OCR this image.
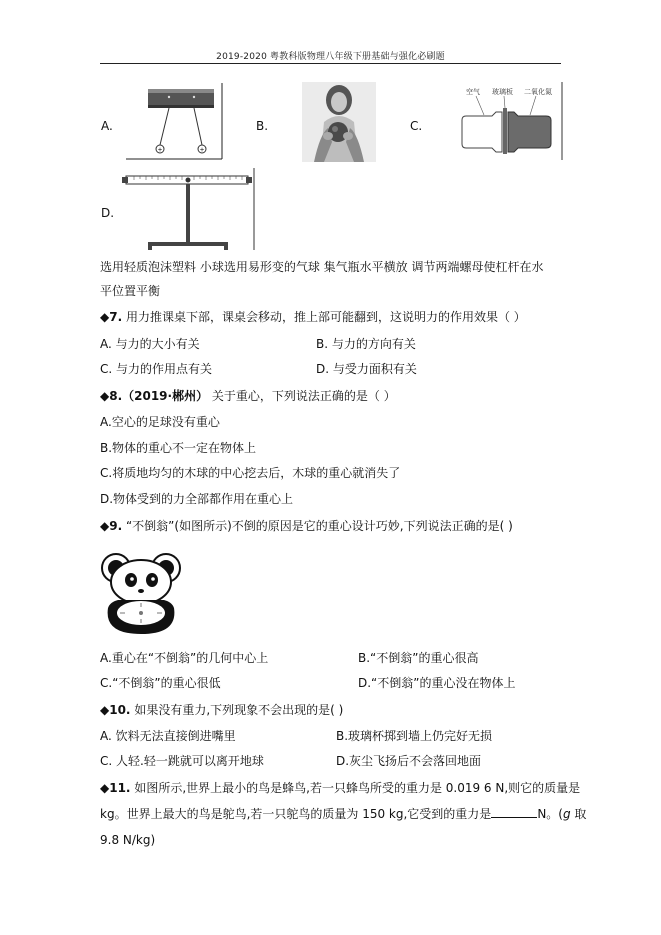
2019-2020 粤教科版物理八年级下册基础与强化必刷题
A.
+	+
B.	C.
空气 玻璃板 二氧化氮
D.
选用轻质泡沫塑料 小球选用易形变的气球 集气瓶水平横放 调节两端螺母使杠杆在水
平位置平衡
◆7. 用力推课桌下部，课桌会移动，推上部可能翻到，这说明力的作用效果（ ）
A. 与力的大小有关	B. 与力的方向有关
C. 与力的作用点有关	D. 与受力面积有关
◆8.（2019·郴州） 关于重心，下列说法正确的是（ ）
A.空心的足球没有重心
B.物体的重心不一定在物体上
C.将质地均匀的木球的中心挖去后，木球的重心就消失了
D.物体受到的力全部都作用在重心上
◆9. “不倒翁”(如图所示)不倒的原因是它的重心设计巧妙,下列说法正确的是( )
A.重心在“不倒翁”的几何中心上	B.“不倒翁”的重心很高
C.“不倒翁”的重心很低	D.“不倒翁”的重心没在物体上
◆10. 如果没有重力,下列现象不会出现的是( )
A. 饮料无法直接倒进嘴里	B.玻璃杯掷到墙上仍完好无损
C. 人轻.轻一跳就可以离开地球	D.灰尘飞扬后不会落回地面
◆11. 如图所示,世界上最小的鸟是蜂鸟,若一只蜂鸟所受的重力是 0.019 6 N,则它的质量是
kg。世界上最大的鸟是鸵鸟,若一只鸵鸟的质量为 150 kg,它受到的重力是	N。(g 取
9.8 N/kg)
